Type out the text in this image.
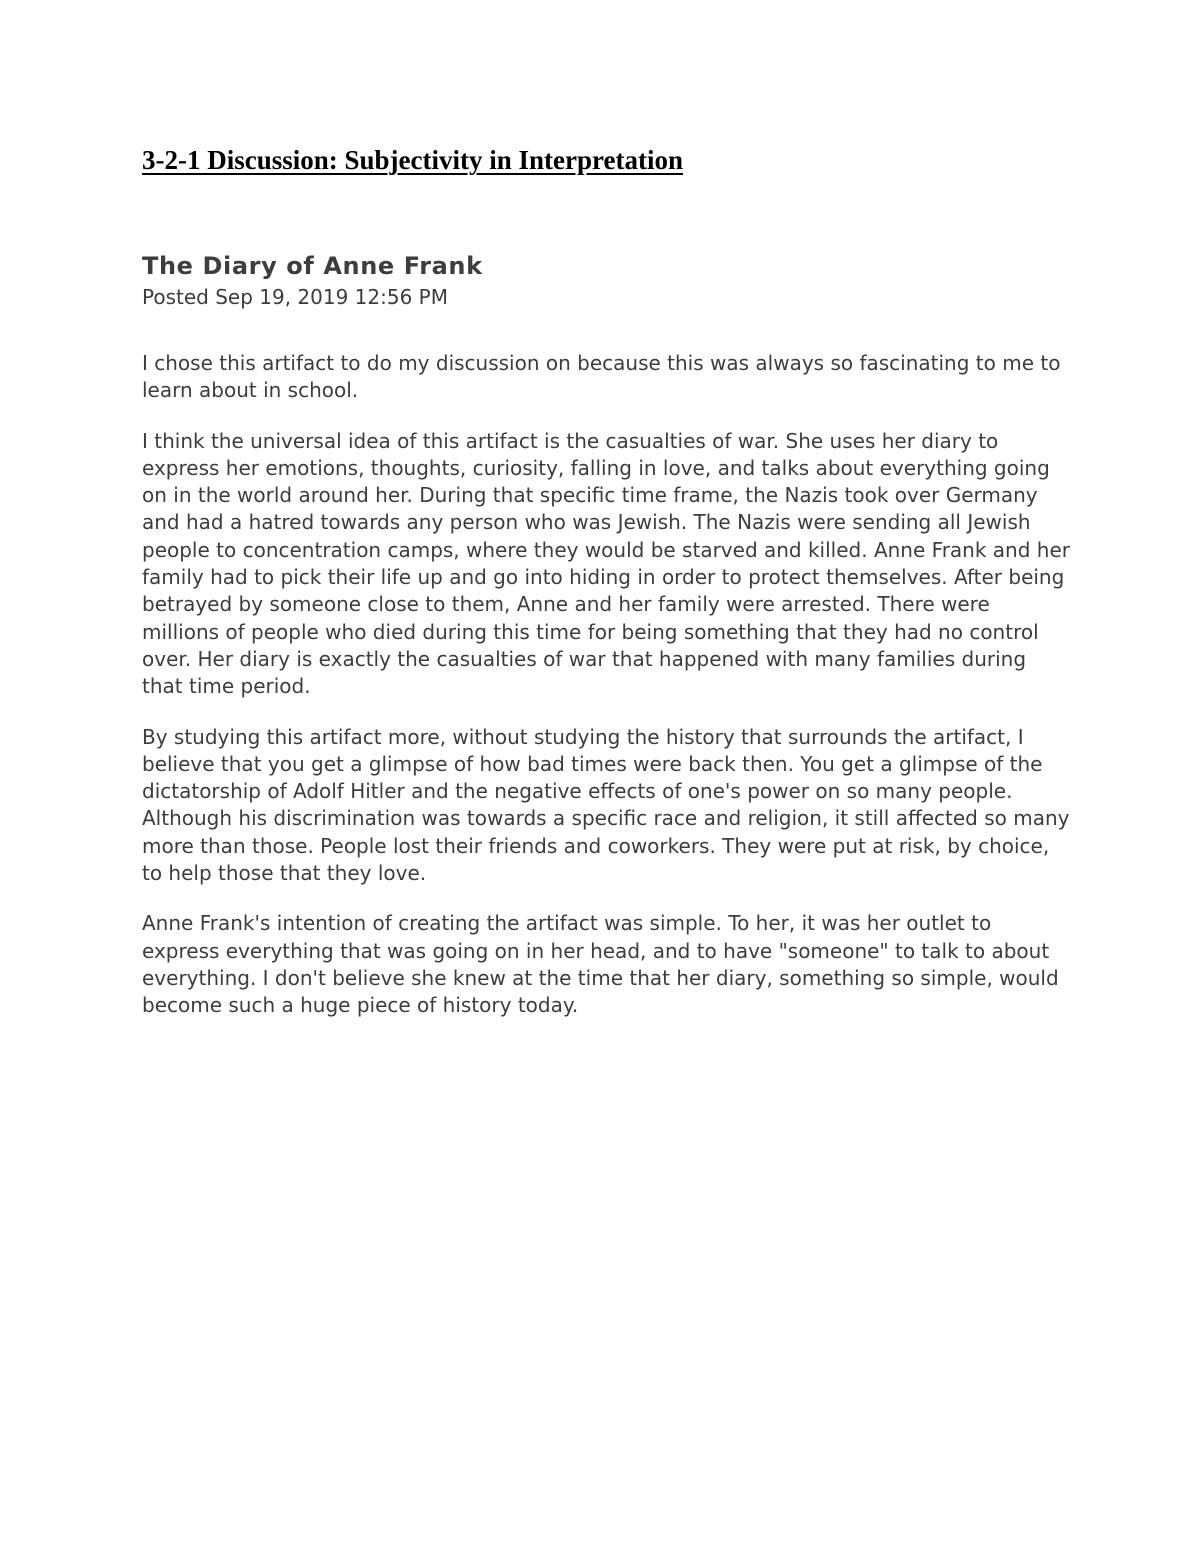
3-2-1 Discussion: Subjectivity in Interpretation
The Diary of Anne Frank
Posted Sep 19, 2019 12:56 PM

I chose this artifact to do my discussion on because this was always so fascinating to me to learn about in school.

I think the universal idea of this artifact is the casualties of war. She uses her diary to express her emotions, thoughts, curiosity, falling in love, and talks about everything going on in the world around her. During that specific time frame, the Nazis took over Germany and had a hatred towards any person who was Jewish. The Nazis were sending all Jewish people to concentration camps, where they would be starved and killed. Anne Frank and her family had to pick their life up and go into hiding in order to protect themselves. After being betrayed by someone close to them, Anne and her family were arrested. There were millions of people who died during this time for being something that they had no control over. Her diary is exactly the casualties of war that happened with many families during that time period.

By studying this artifact more, without studying the history that surrounds the artifact, I believe that you get a glimpse of how bad times were back then. You get a glimpse of the dictatorship of Adolf Hitler and the negative effects of one's power on so many people. Although his discrimination was towards a specific race and religion, it still affected so many more than those. People lost their friends and coworkers. They were put at risk, by choice, to help those that they love.

Anne Frank's intention of creating the artifact was simple. To her, it was her outlet to express everything that was going on in her head, and to have "someone" to talk to about everything. I don't believe she knew at the time that her diary, something so simple, would become such a huge piece of history today.
